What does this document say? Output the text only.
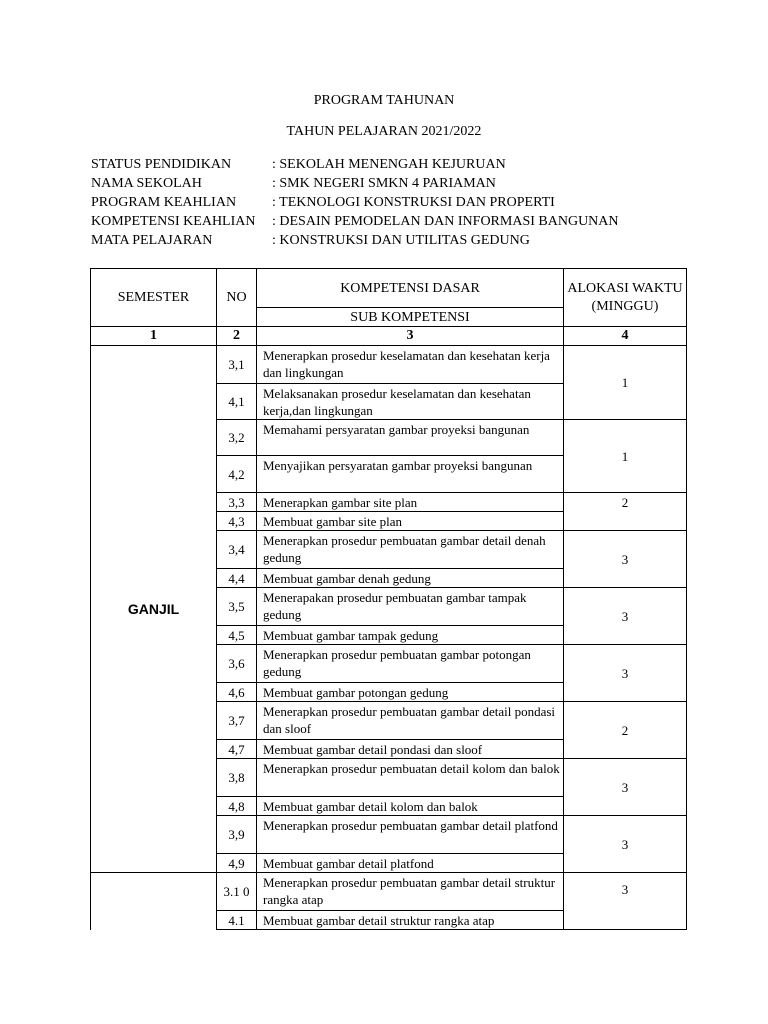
PROGRAM TAHUNAN
TAHUN PELAJARAN 2021/2022
STATUS PENDIDIKAN	: SEKOLAH MENENGAH KEJURUAN
NAMA SEKOLAH	: SMK NEGERI SMKN 4 PARIAMAN
PROGRAM KEAHLIAN	: TEKNOLOGI KONSTRUKSI DAN PROPERTI
KOMPETENSI KEAHLIAN	: DESAIN PEMODELAN DAN INFORMASI BANGUNAN
MATA PELAJARAN	: KONSTRUKSI DAN UTILITAS GEDUNG
SEMESTER	NO	KOMPETENSI DASAR	ALOKASI WAKTU (MINGGU)
		SUB KOMPETENSI	
1	2	3	4
GANJIL	3,1	Menerapkan prosedur keselamatan dan kesehatan kerja dan lingkungan	1
	4,1	Melaksanakan prosedur keselamatan dan kesehatan kerja,dan lingkungan	
	3,2	Memahami persyaratan gambar proyeksi bangunan	1
	4,2	Menyajikan persyaratan gambar proyeksi bangunan	
	3,3	Menerapkan gambar site plan	2
	4,3	Membuat gambar site plan	
	3,4	Menerapkan prosedur pembuatan gambar detail denah gedung	3
	4,4	Membuat gambar denah gedung	
	3,5	Menerapakan prosedur pembuatan gambar tampak gedung	3
	4,5	Membuat gambar tampak gedung	
	3,6	Menerapkan prosedur pembuatan gambar potongan gedung	3
	4,6	Membuat gambar potongan gedung	
	3,7	Menerapkan prosedur pembuatan gambar detail pondasi dan sloof	2
	4,7	Membuat gambar detail pondasi dan sloof	
	3,8	Menerapkan prosedur pembuatan detail kolom dan balok	3
	4,8	Membuat gambar detail kolom dan balok	
	3,9	Menerapkan prosedur pembuatan gambar detail platfond	3
	4,9	Membuat gambar detail platfond	
	3.1 0	Menerapkan prosedur pembuatan gambar detail struktur rangka atap	3
	4.1	Membuat gambar detail struktur rangka atap	
